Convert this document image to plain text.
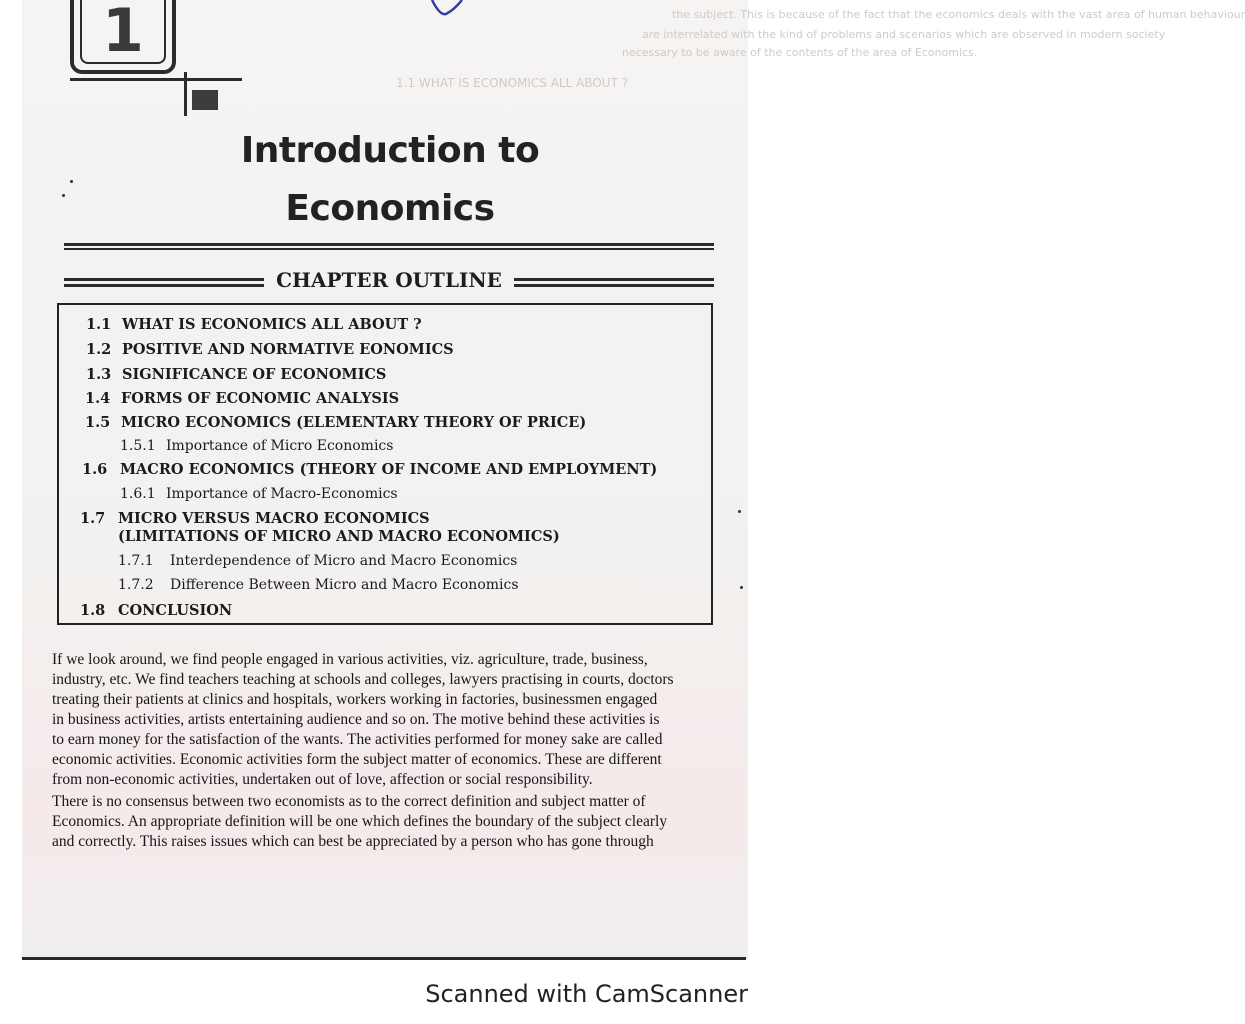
the subject. This is because of the fact that the economics deals with the vast area of human behaviour
are interrelated with the kind of problems and scenarios which are observed in modern society
necessary to be aware of the contents of the area of Economics.
1.1 WHAT IS ECONOMICS ALL ABOUT ?
1
Introduction to
Economics
CHAPTER OUTLINE
1.1 WHAT IS ECONOMICS ALL ABOUT ?
1.2 POSITIVE AND NORMATIVE EONOMICS
1.3 SIGNIFICANCE OF ECONOMICS
1.4 FORMS OF ECONOMIC ANALYSIS
1.5 MICRO ECONOMICS (ELEMENTARY THEORY OF PRICE)
1.5.1 Importance of Micro Economics
1.6 MACRO ECONOMICS (THEORY OF INCOME AND EMPLOYMENT)
1.6.1 Importance of Macro-Economics
1.7 MICRO VERSUS MACRO ECONOMICS
(LIMITATIONS OF MICRO AND MACRO ECONOMICS)
1.7.1 Interdependence of Micro and Macro Economics
1.7.2 Difference Between Micro and Macro Economics
1.8 CONCLUSION
If we look around, we find people engaged in various activities, viz. agriculture, trade, business,
industry, etc. We find teachers teaching at schools and colleges, lawyers practising in courts, doctors
treating their patients at clinics and hospitals, workers working in factories, businessmen engaged
in business activities, artists entertaining audience and so on. The motive behind these activities is
to earn money for the satisfaction of the wants. The activities performed for money sake are called
economic activities. Economic activities form the subject matter of economics. These are different
from non-economic activities, undertaken out of love, affection or social responsibility.
There is no consensus between two economists as to the correct definition and subject matter of
Economics. An appropriate definition will be one which defines the boundary of the subject clearly
and correctly. This raises issues which can best be appreciated by a person who has gone through
Scanned with CamScanner
